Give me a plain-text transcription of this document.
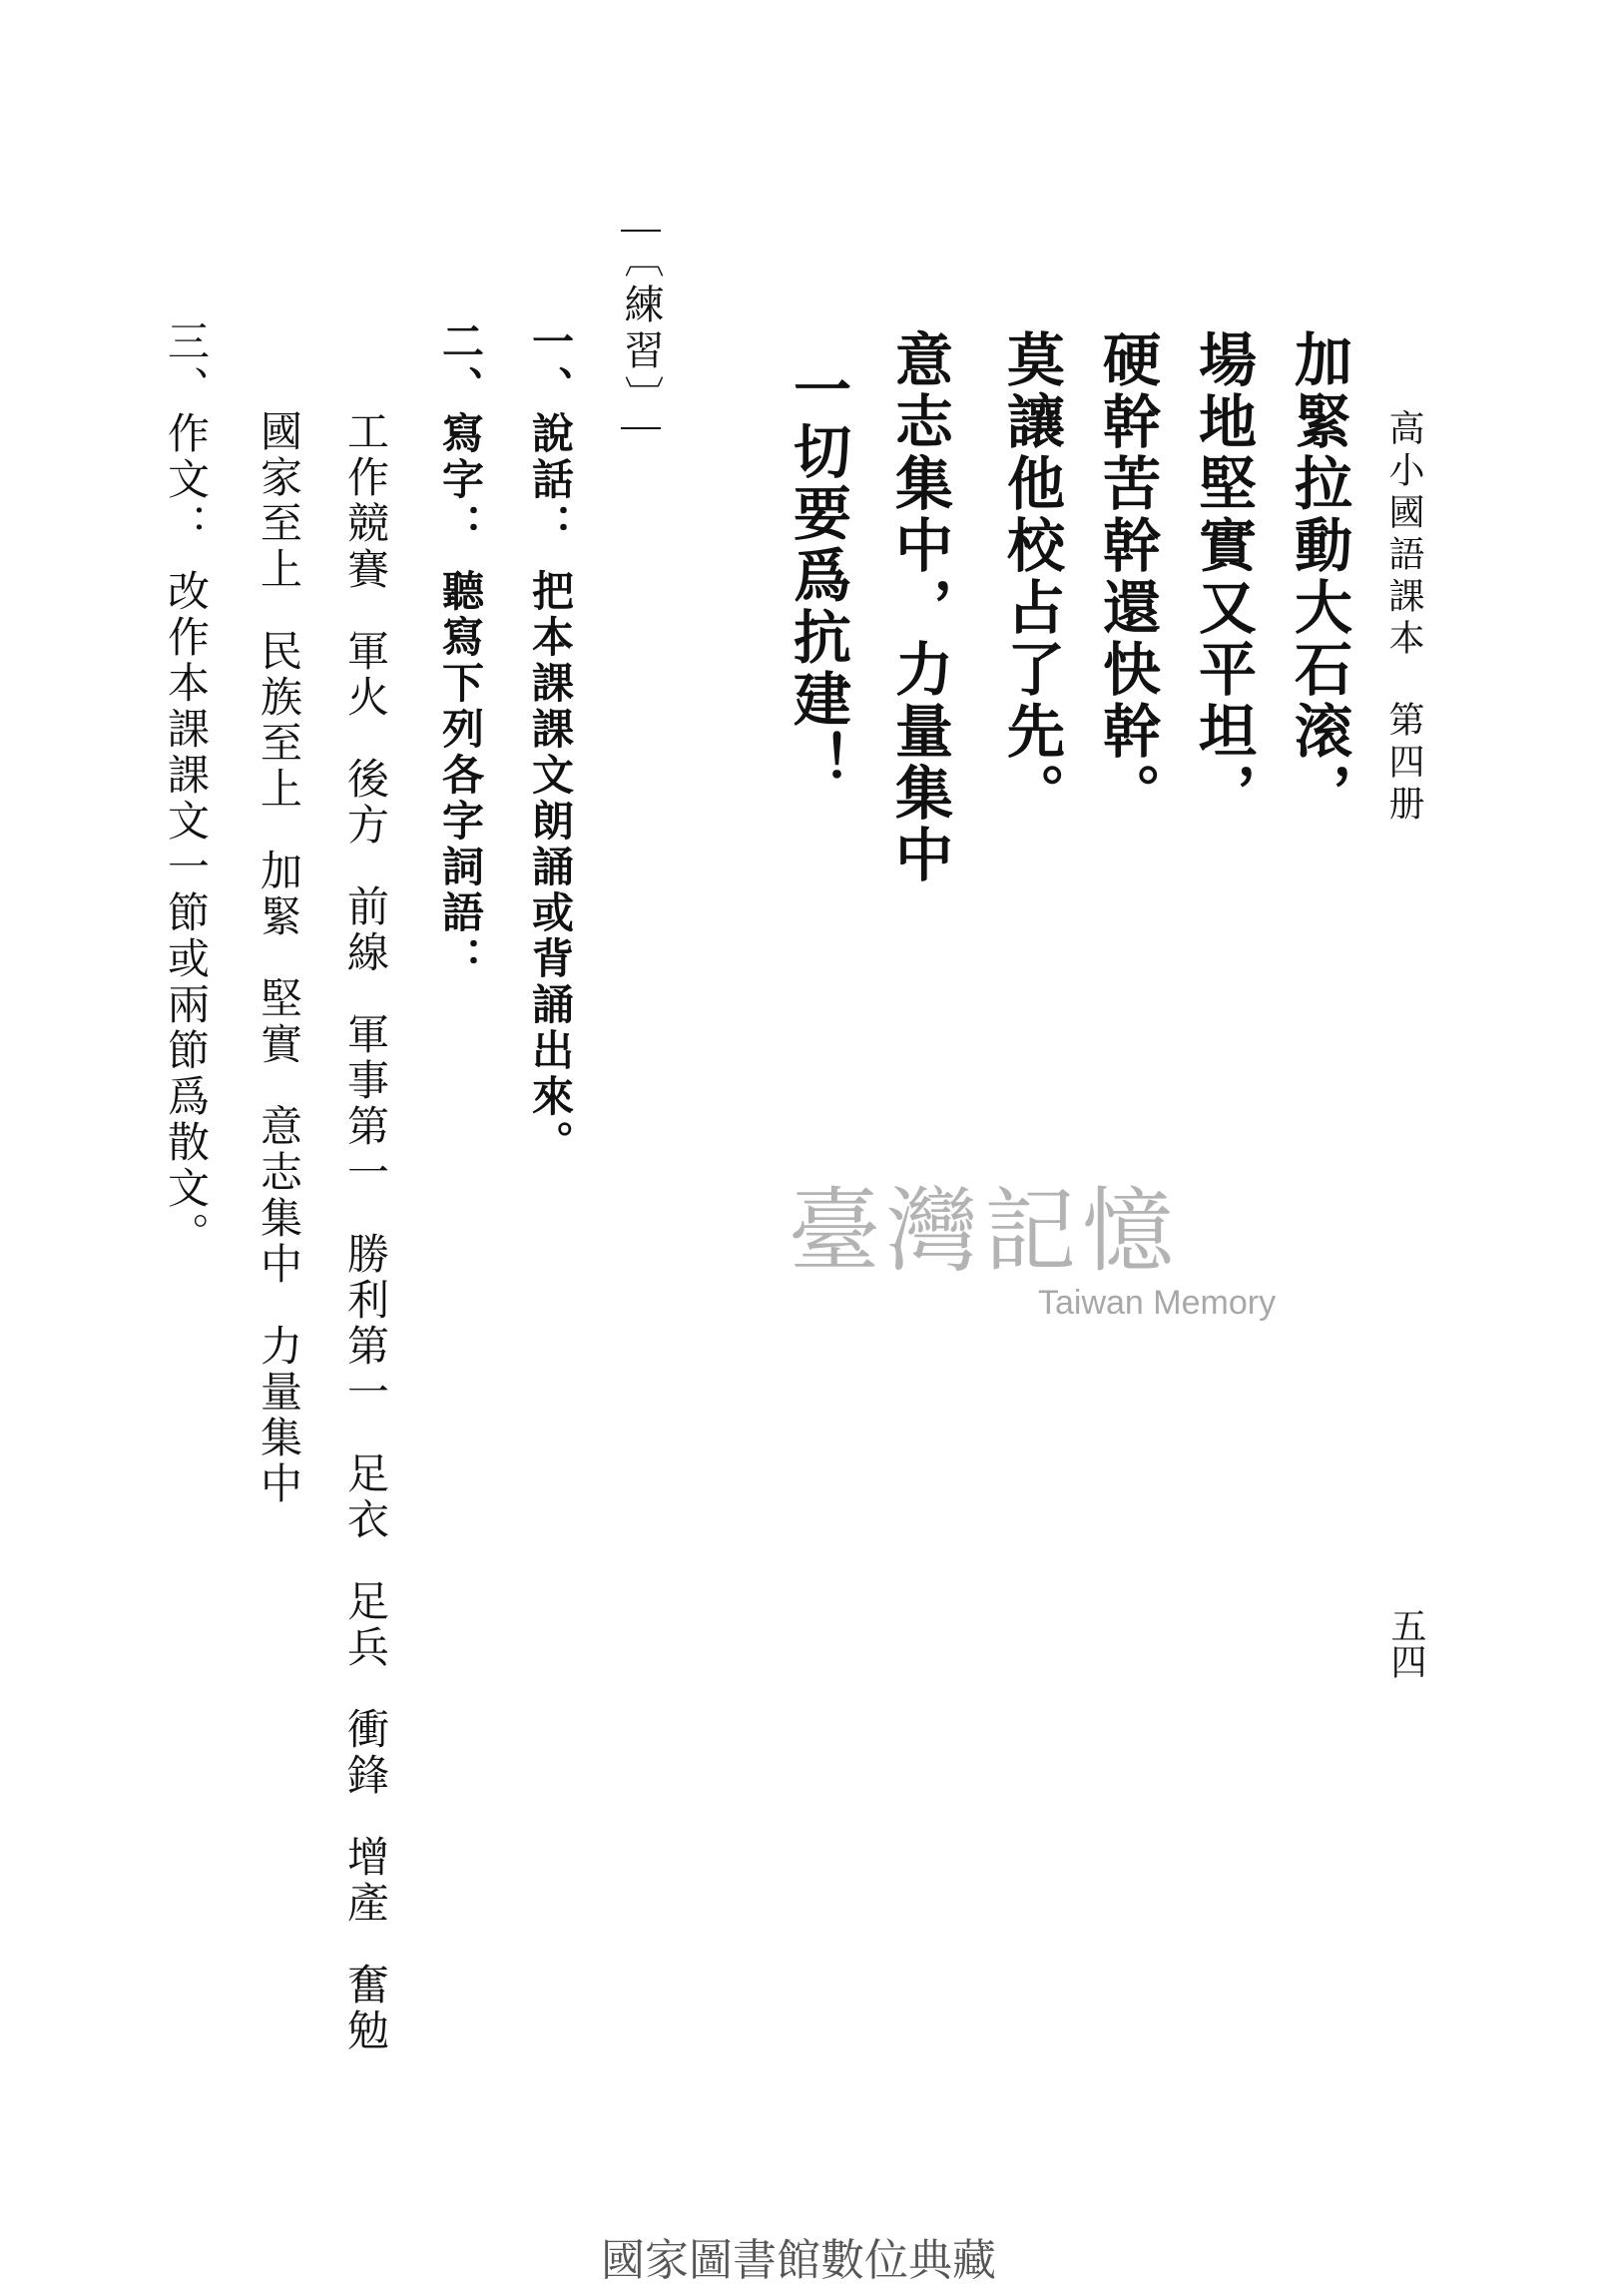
高小國語課本第四册
五四
加緊拉動大石滚，
場地堅實又平坦，
硬幹苦幹還快幹。
莫讓他校占了先。
意志集中，力量集中
一切要爲抗建！
〔練習〕
一、說話：把本課課文朗誦或背誦出來。
二、寫字：聽寫下列各字詞語：
工作競賽軍火後方前線軍事第一勝利第一足衣足兵衝鋒增產奮勉
國家至上民族至上加緊堅實意志集中力量集中
三、作文：改作本課課文一節或兩節爲散文。	臺灣記憶
Taiwan Memory
國家圖書館數位典藏
